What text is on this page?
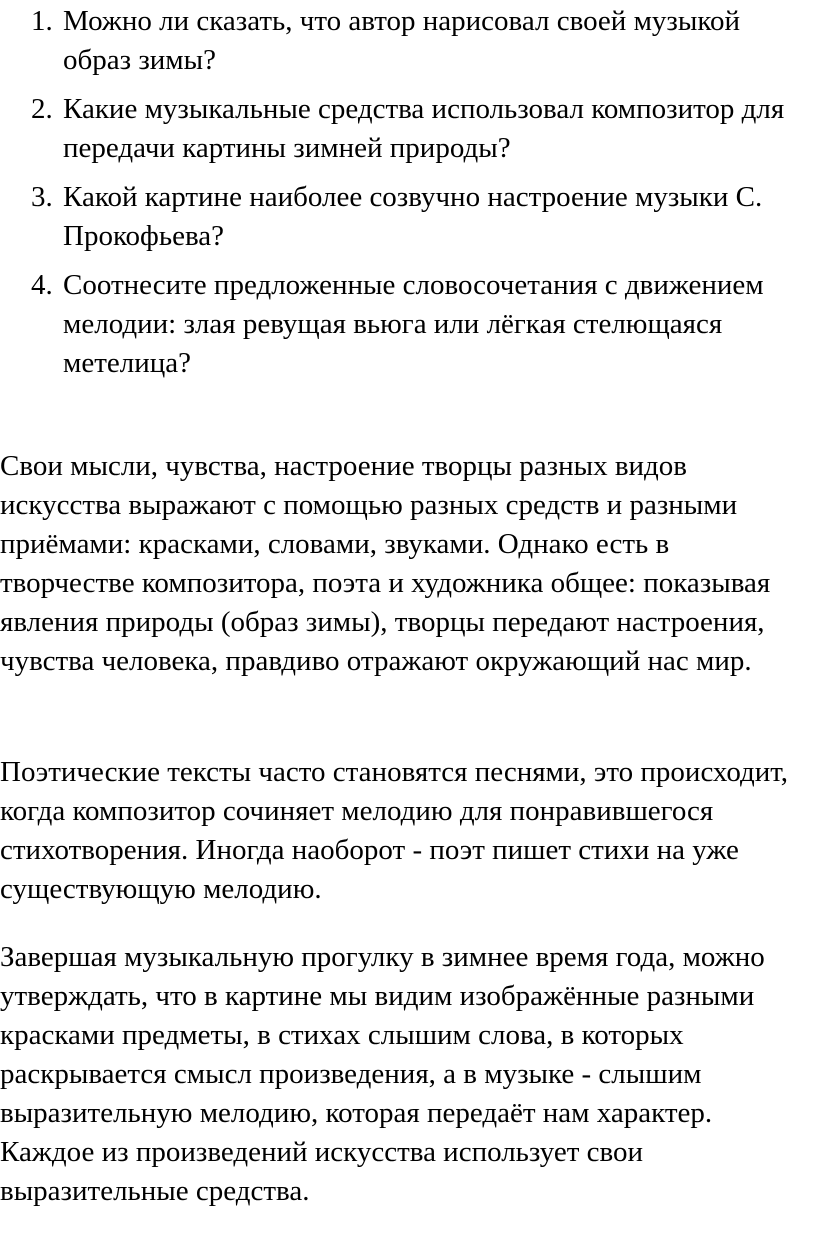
1. Можно ли сказать, что автор нарисовал своей музыкой образ зимы?
2. Какие музыкальные средства использовал композитор для передачи картины зимней природы?
3. Какой картине наиболее созвучно настроение музыки С. Прокофьева?
4. Соотнесите предложенные словосочетания с движением мелодии: злая ревущая вьюга или лёгкая стелющаяся метелица?

Свои мысли, чувства, настроение творцы разных видов искусства выражают с помощью разных средств и разными приёмами: красками, словами, звуками. Однако есть в творчестве композитора, поэта и художника общее: показывая явления природы (образ зимы), творцы передают настроения, чувства человека, правдиво отражают окружающий нас мир.

Поэтические тексты часто становятся песнями, это происходит, когда композитор сочиняет мелодию для понравившегося стихотворения. Иногда наоборот - поэт пишет стихи на уже существующую мелодию.

Завершая музыкальную прогулку в зимнее время года, можно утверждать, что в картине мы видим изображённые разными красками предметы, в стихах слышим слова, в которых раскрывается смысл произведения, а в музыке - слышим выразительную мелодию, которая передаёт нам характер. Каждое из произведений искусства использует свои выразительные средства.
